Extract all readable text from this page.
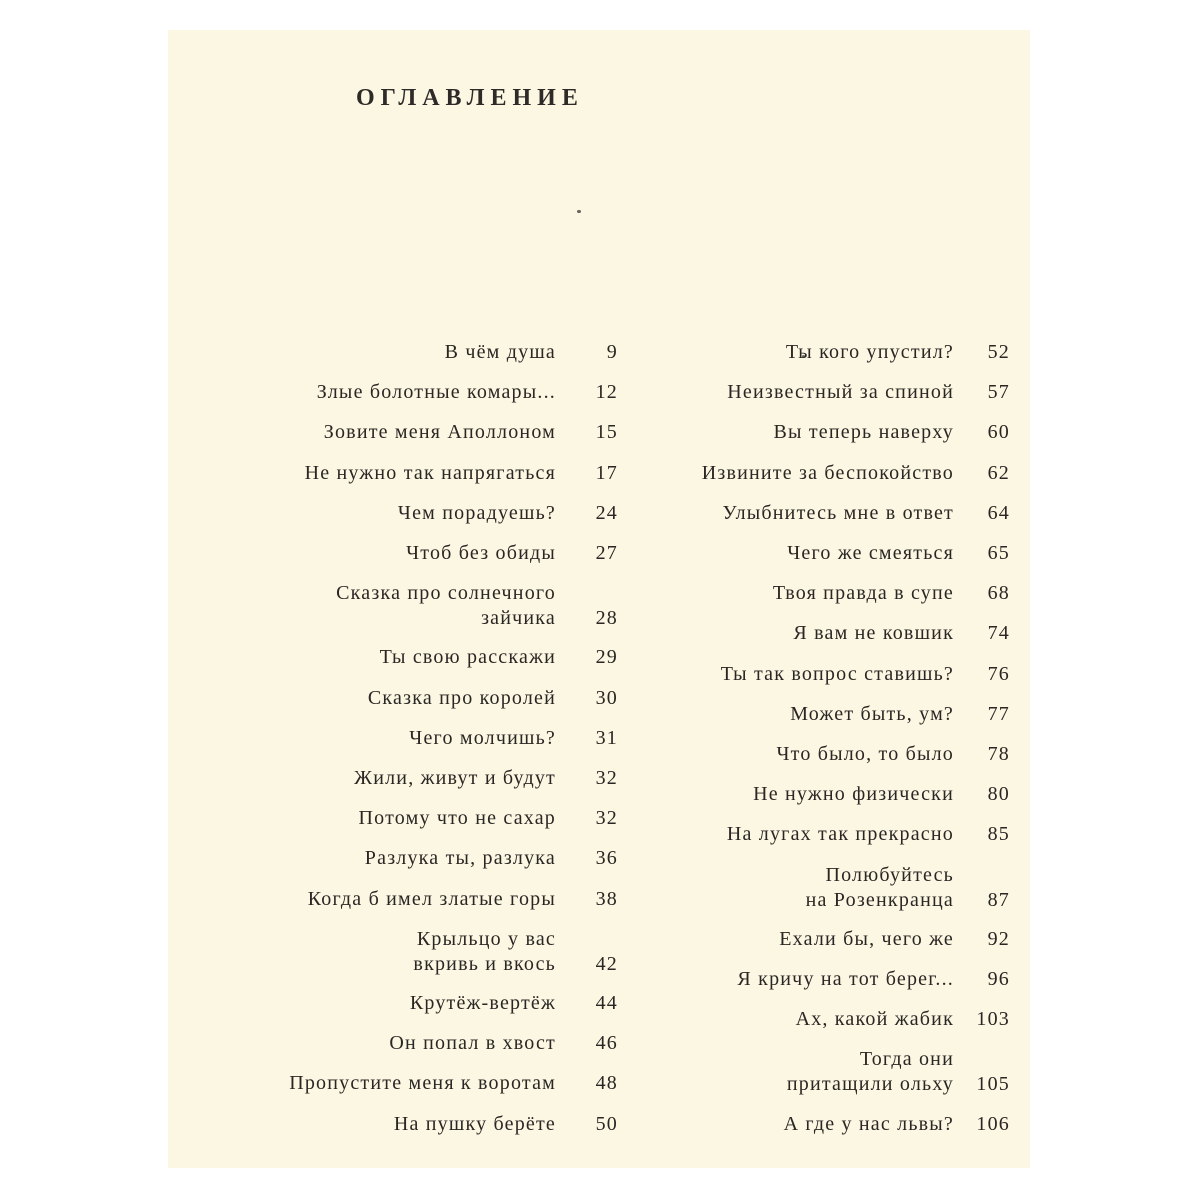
ОГЛАВЛЕНИЕ
В чём душа	9
Злые болотные комары...	12
Зовите меня Аполлоном	15
Не нужно так напрягаться	17
Чем порадуешь?	24
Чтоб без обиды	27
Сказка про солнечного
зайчика	28
Ты свою расскажи	29
Сказка про королей	30
Чего молчишь?	31
Жили, живут и будут	32
Потому что не сахар	32
Разлука ты, разлука	36
Когда б имел златые горы	38
Крыльцо у вас
вкривь и вкось	42
Крутёж-вертёж	44
Он попал в хвост	46
Пропустите меня к воротам	48
На пушку берёте	50
Ты кого упустил?	52
Неизвестный за спиной	57
Вы теперь наверху	60
Извините за беспокойство	62
Улыбнитесь мне в ответ	64
Чего же смеяться	65
Твоя правда в супе	68
Я вам не ковшик	74
Ты так вопрос ставишь?	76
Может быть, ум?	77
Что было, то было	78
Не нужно физически	80
На лугах так прекрасно	85
Полюбуйтесь
на Розенкранца	87
Ехали бы, чего же	92
Я кричу на тот берег...	96
Ах, какой жабик	103
Тогда они
притащили ольху	105
А где у нас львы?	106
